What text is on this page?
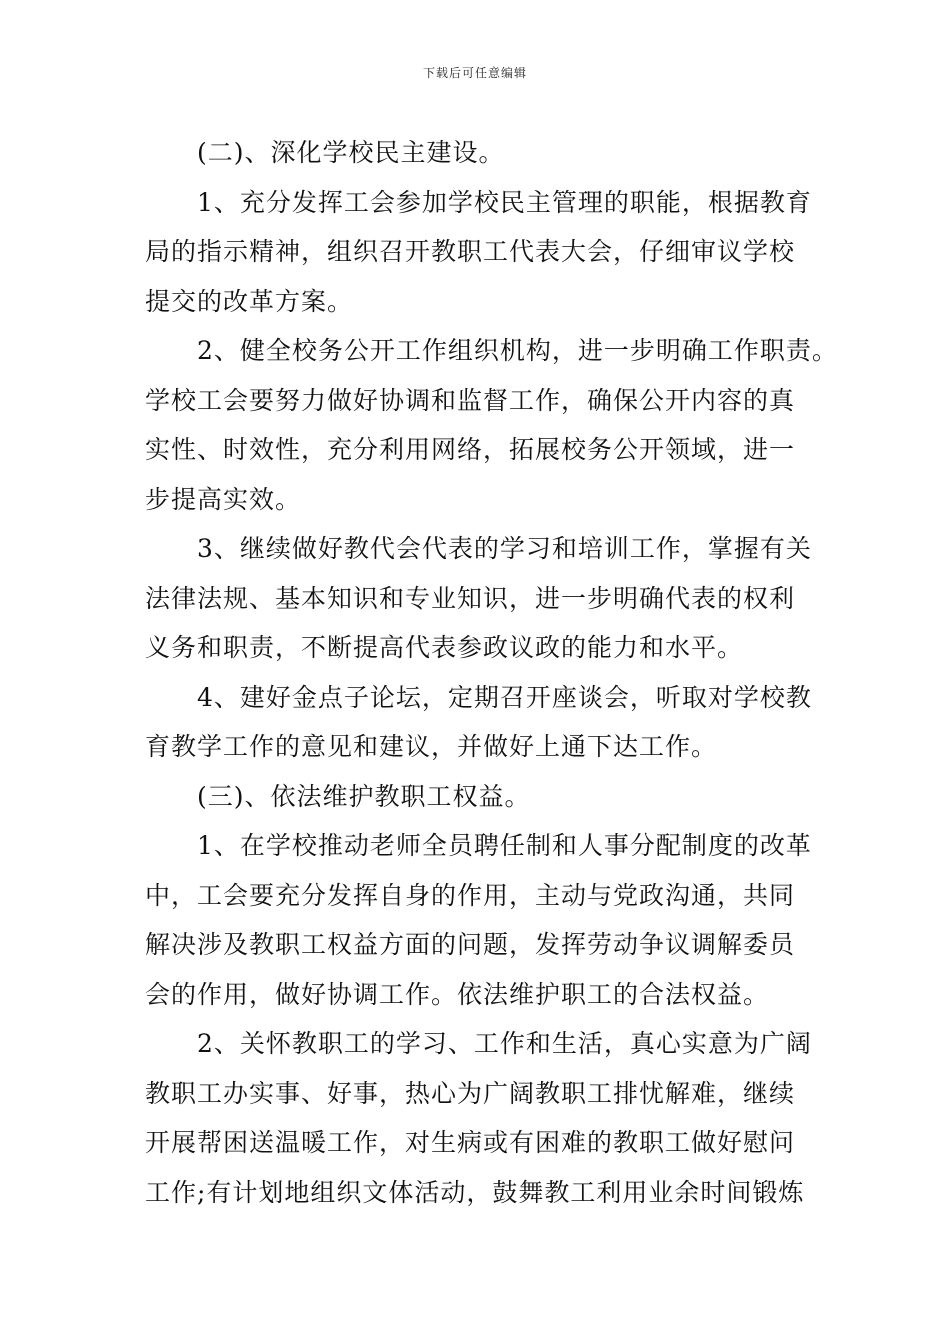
下载后可任意编辑
(二)、深化学校民主建设。
1、充分发挥工会参加学校民主管理的职能，根据教育
局的指示精神，组织召开教职工代表大会，仔细审议学校
提交的改革方案。
2、健全校务公开工作组织机构，进一步明确工作职责。
学校工会要努力做好协调和监督工作，确保公开内容的真
实性、时效性，充分利用网络，拓展校务公开领域，进一
步提高实效。
3、继续做好教代会代表的学习和培训工作，掌握有关
法律法规、基本知识和专业知识，进一步明确代表的权利
义务和职责，不断提高代表参政议政的能力和水平。
4、建好金点子论坛，定期召开座谈会，听取对学校教
育教学工作的意见和建议，并做好上通下达工作。
(三)、依法维护教职工权益。
1、在学校推动老师全员聘任制和人事分配制度的改革
中，工会要充分发挥自身的作用，主动与党政沟通，共同
解决涉及教职工权益方面的问题，发挥劳动争议调解委员
会的作用，做好协调工作。依法维护职工的合法权益。
2、关怀教职工的学习、工作和生活，真心实意为广阔
教职工办实事、好事，热心为广阔教职工排忧解难，继续
开展帮困送温暖工作，对生病或有困难的教职工做好慰问
工作;有计划地组织文体活动，鼓舞教工利用业余时间锻炼
